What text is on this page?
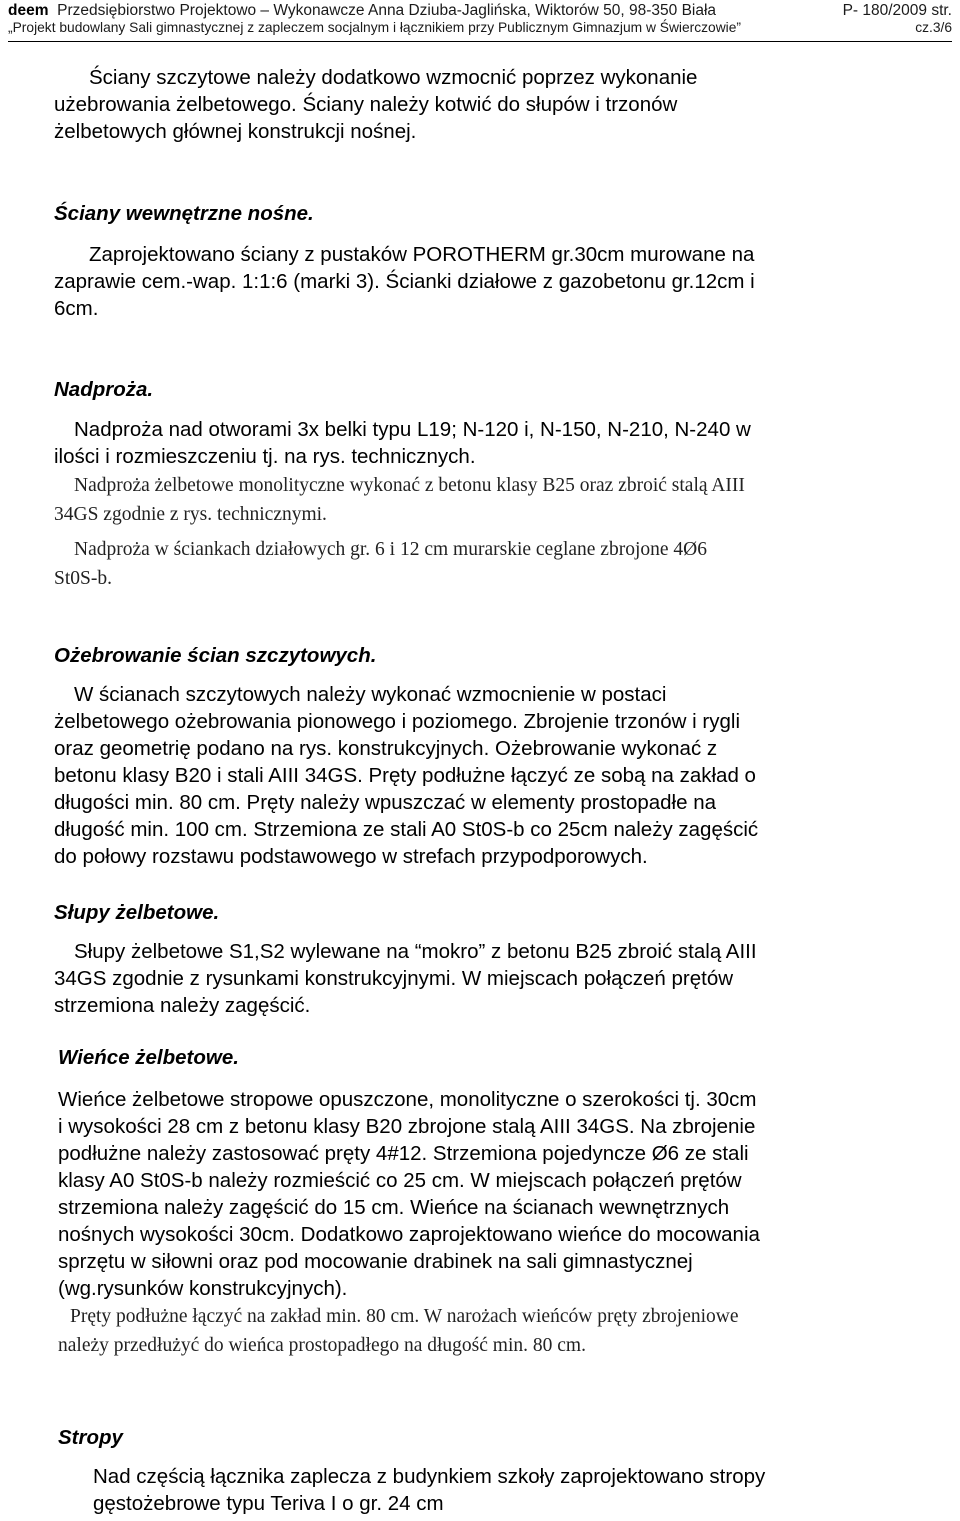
deem Przedsiębiorstwo Projektowo – Wykonawcze Anna Dziuba-Jaglińska, Wiktorów 50, 98-350 Biała	P- 180/2009 str.
„Projekt budowlany Sali gimnastycznej z zapleczem socjalnym i łącznikiem przy Publicznym Gimnazjum w Świerczowie”	cz.3/6
Ściany szczytowe należy dodatkowo wzmocnić poprzez wykonanie
użebrowania żelbetowego. Ściany należy kotwić do słupów i trzonów
żelbetowych głównej konstrukcji nośnej.
Ściany wewnętrzne nośne.
Zaprojektowano ściany z pustaków POROTHERM gr.30cm murowane na
zaprawie cem.-wap. 1:1:6 (marki 3). Ścianki działowe z gazobetonu gr.12cm i
6cm.
Nadproża.
Nadproża nad otworami 3x belki typu L19; N-120 i, N-150, N-210, N-240 w
ilości i rozmieszczeniu tj. na rys. technicznych.
Nadproża żelbetowe monolityczne wykonać z betonu klasy B25 oraz zbroić stalą AIII
34GS zgodnie z rys. technicznymi.
Nadproża w ściankach działowych gr. 6 i 12 cm murarskie ceglane zbrojone 4Ø6
St0S-b.
Ożebrowanie ścian szczytowych.
W ścianach szczytowych należy wykonać wzmocnienie w postaci
żelbetowego ożebrowania pionowego i poziomego. Zbrojenie trzonów i rygli
oraz geometrię podano na rys. konstrukcyjnych. Ożebrowanie wykonać z
betonu klasy B20 i stali AIII 34GS. Pręty podłużne łączyć ze sobą na zakład o
długości min. 80 cm. Pręty należy wpuszczać w elementy prostopadłe na
długość min. 100 cm. Strzemiona ze stali A0 St0S-b co 25cm należy zagęścić
do połowy rozstawu podstawowego w strefach przypodporowych.
Słupy żelbetowe.
Słupy żelbetowe S1,S2 wylewane na “mokro” z betonu B25 zbroić stalą AIII
34GS zgodnie z rysunkami konstrukcyjnymi. W miejscach połączeń prętów
strzemiona należy zagęścić.
Wieńce żelbetowe.
Wieńce żelbetowe stropowe opuszczone, monolityczne o szerokości tj. 30cm
i wysokości 28 cm z betonu klasy B20 zbrojone stalą AIII 34GS. Na zbrojenie
podłużne należy zastosować pręty 4#12. Strzemiona pojedyncze Ø6 ze stali
klasy A0 St0S-b należy rozmieścić co 25 cm. W miejscach połączeń prętów
strzemiona należy zagęścić do 15 cm. Wieńce na ścianach wewnętrznych
nośnych wysokości 30cm. Dodatkowo zaprojektowano wieńce do mocowania
sprzętu w siłowni oraz pod mocowanie drabinek na sali gimnastycznej
(wg.rysunków konstrukcyjnych).
Pręty podłużne łączyć na zakład min. 80 cm. W narożach wieńców pręty zbrojeniowe
należy przedłużyć do wieńca prostopadłego na długość min. 80 cm.
Stropy
Nad częścią łącznika zaplecza z budynkiem szkoły zaprojektowano stropy
gęstożebrowe typu Teriva I o gr. 24 cm
